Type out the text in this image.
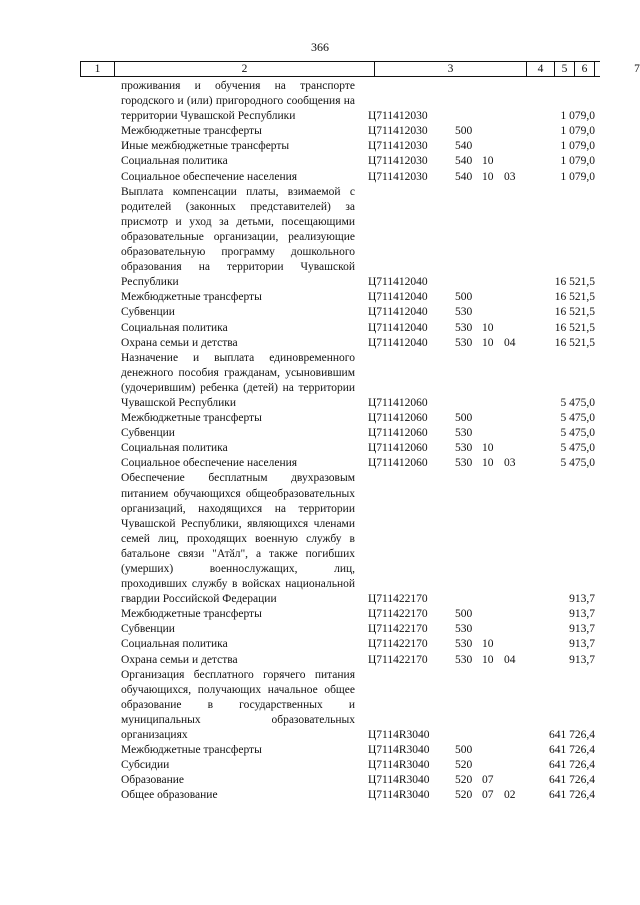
366
1	2	3	4	5	6	7
проживания и обучения на транспорте городского и (или) пригородного сообщения на территории Чувашской Республики	Ц711412030	1 079,0
Межбюджетные трансферты	Ц711412030 500	1 079,0
Иные межбюджетные трансферты	Ц711412030 540	1 079,0
Социальная политика	Ц711412030 540 10	1 079,0
Социальное обеспечение населения	Ц711412030 540 10 03	1 079,0
Выплата компенсации платы, взимаемой с родителей (законных представителей) за присмотр и уход за детьми, посещающими образовательные организации, реализующие образовательную программу дошкольного образования на территории Чувашской Республики	Ц711412040	16 521,5
Межбюджетные трансферты	Ц711412040 500	16 521,5
Субвенции	Ц711412040 530	16 521,5
Социальная политика	Ц711412040 530 10	16 521,5
Охрана семьи и детства	Ц711412040 530 10 04	16 521,5
Назначение и выплата единовременного денежного пособия гражданам, усыновившим (удочерившим) ребенка (детей) на территории Чувашской Республики	Ц711412060	5 475,0
Межбюджетные трансферты	Ц711412060 500	5 475,0
Субвенции	Ц711412060 530	5 475,0
Социальная политика	Ц711412060 530 10	5 475,0
Социальное обеспечение населения	Ц711412060 530 10 03	5 475,0
Обеспечение бесплатным двухразовым питанием обучающихся общеобразовательных организаций, находящихся на территории Чувашской Республики, являющихся членами семей лиц, проходящих военную службу в батальоне связи "Атӑл", а также погибших (умерших) военнослужащих, лиц, проходивших службу в войсках национальной гвардии Российской Федерации	Ц711422170	913,7
Межбюджетные трансферты	Ц711422170 500	913,7
Субвенции	Ц711422170 530	913,7
Социальная политика	Ц711422170 530 10	913,7
Охрана семьи и детства	Ц711422170 530 10 04	913,7
Организация бесплатного горячего питания обучающихся, получающих начальное общее образование в государственных и муниципальных образовательных организациях	Ц7114R3040	641 726,4
Межбюджетные трансферты	Ц7114R3040 500	641 726,4
Субсидии	Ц7114R3040 520	641 726,4
Образование	Ц7114R3040 520 07	641 726,4
Общее образование	Ц7114R3040 520 07 02	641 726,4
